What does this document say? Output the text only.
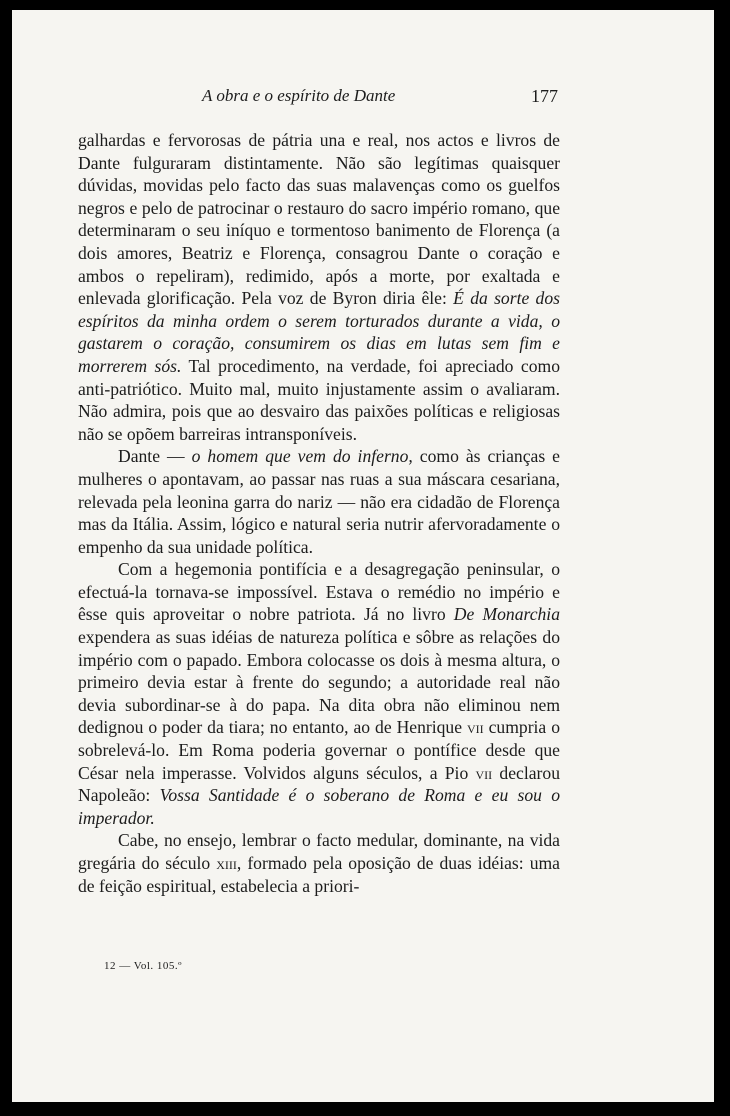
A obra e o espírito de Dante	177

galhardas e fervorosas de pátria una e real, nos actos e livros de Dante fulguraram distintamente. Não são legítimas quaisquer dúvidas, movidas pelo facto das suas malavenças como os guelfos negros e pelo de patrocinar o restauro do sacro império romano, que determinaram o seu iníquo e tormentoso banimento de Florença (a dois amores, Beatriz e Florença, consagrou Dante o coração e ambos o repeliram), redimido, após a morte, por exaltada e enlevada glorificação. Pela voz de Byron diria êle: É da sorte dos espíritos da minha ordem o serem torturados durante a vida, o gastarem o coração, consumirem os dias em lutas sem fim e morrerem sós. Tal procedimento, na verdade, foi apreciado como anti-patriótico. Muito mal, muito injustamente assim o avaliaram. Não admira, pois que ao desvairo das paixões políticas e religiosas não se opõem barreiras intransponíveis.

Dante — o homem que vem do inferno, como às crianças e mulheres o apontavam, ao passar nas ruas a sua máscara cesariana, relevada pela leonina garra do nariz — não era cidadão de Florença mas da Itália. Assim, lógico e natural seria nutrir afervoradamente o empenho da sua unidade política.

Com a hegemonia pontifícia e a desagregação peninsular, o efectuá-la tornava-se impossível. Estava o remédio no império e êsse quis aproveitar o nobre patriota. Já no livro De Monarchia expendera as suas idéias de natureza política e sôbre as relações do império com o papado. Embora colocasse os dois à mesma altura, o primeiro devia estar à frente do segundo; a autoridade real não devia subordinar-se à do papa. Na dita obra não eliminou nem dedignou o poder da tiara; no entanto, ao de Henrique vii cumpria o sobrelevá-lo. Em Roma poderia governar o pontífice desde que César nela imperasse. Volvidos alguns séculos, a Pio vii declarou Napoleão: Vossa Santidade é o soberano de Roma e eu sou o imperador.

Cabe, no ensejo, lembrar o facto medular, dominante, na vida gregária do século xiii, formado pela oposição de duas idéias: uma de feição espiritual, estabelecia a priori-

12 — Vol. 105.º
